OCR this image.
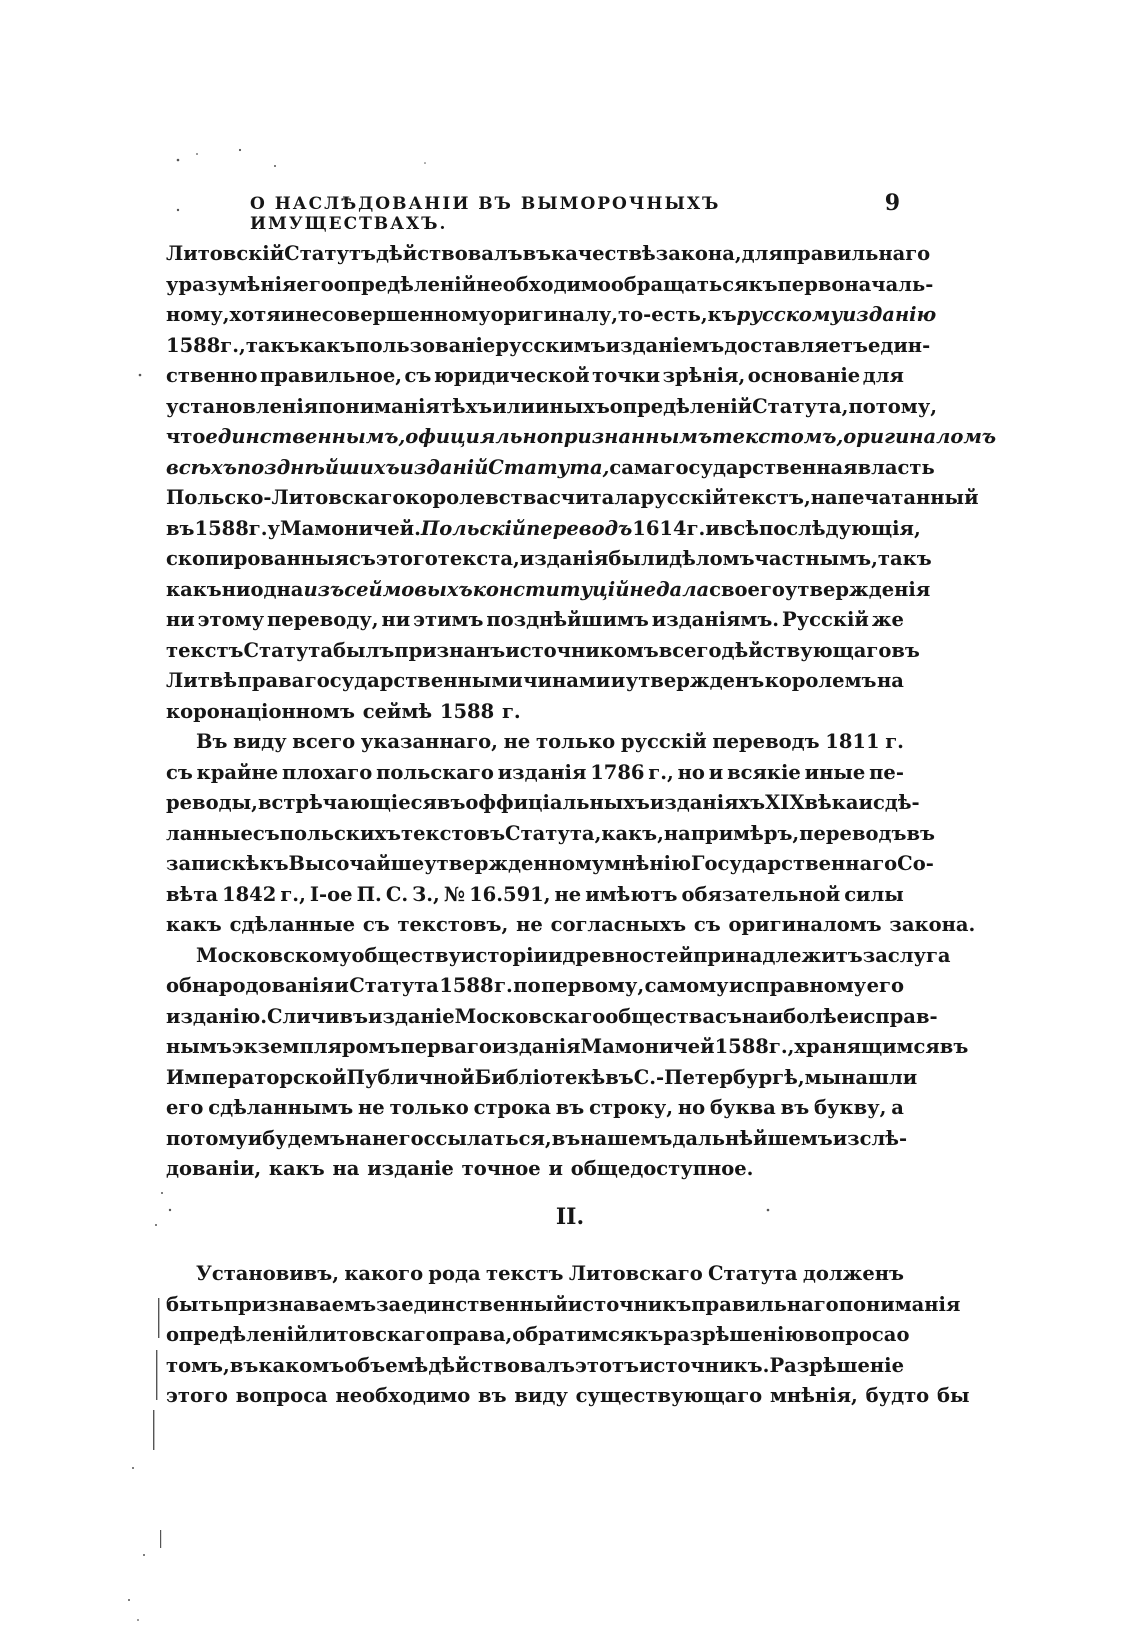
О НАСЛѢДОВАНІИ ВЪ ВЫМОРОЧНЫХЪ ИМУЩЕСТВАХЪ.
9
Литовскій Статутъ дѣйствовалъ въ качествѣ закона, для правильнаго
уразумѣнія его опредѣленій необходимо обращаться къ первоначаль-
ному, хотя и несовершенному оригиналу, то-есть, къ русскому изданію
1588 г., такъ какъ пользованіе русскимъ изданіемъ доставляетъ един-
ственно правильное, съ юридической точки зрѣнія, основаніе для
установленія пониманія тѣхъ или иныхъ опредѣленій Статута, потому,
что единственнымъ, официяльно признаннымъ текстомъ, оригиналомъ
всѣхъ позднѣйшихъ изданій Статута, сама государственная власть
Польско-Литовскаго королевства считала русскій текстъ, напечатанный
въ 1588 г. у Мамоничей. Польскій переводъ 1614 г. и всѣ послѣдующія,
скопированныя съ этого текста, изданія были дѣломъ частнымъ, такъ
какъ ни одна изъ сеймовыхъ конституцій не дала своего утвержденія
ни этому переводу, ни этимъ позднѣйшимъ изданіямъ. Русскій же
текстъ Статута былъ признанъ источникомъ всего дѣйствующаго въ
Литвѣ права государственными чинами и утвержденъ королемъ на
коронаціонномъ сеймѣ 1588 г.
Въ виду всего указаннаго, не только русскій переводъ 1811 г.
съ крайне плохаго польскаго изданія 1786 г., но и всякіе иные пе-
реводы, встрѣчающіеся въ оффиціальныхъ изданіяхъ XIX вѣка и сдѣ-
ланные съ польскихъ текстовъ Статута, какъ, напримѣръ, переводъ въ
запискѣ къ Высочайше утвержденному мнѣнію Государственнаго Со-
вѣта 1842 г., I-ое П. С. З., № 16.591, не имѣютъ обязательной силы
какъ сдѣланные съ текстовъ, не согласныхъ съ оригиналомъ закона.
Московскому обществу исторіи и древностей принадлежитъ заслуга
обнародованія и Статута 1588 г. по первому, самому исправному его
изданію. Сличивъ изданіе Московскаго общества съ наиболѣе исправ-
нымъ экземпляромъ перваго изданія Мамоничей 1588 г., хранящимся въ
Императорской Публичной Библіотекѣ въ С.-Петербургѣ, мы нашли
его сдѣланнымъ не только строка въ строку, но буква въ букву, а
потому и будемъ на него ссылаться, въ нашемъ дальнѣйшемъ изслѣ-
дованіи, какъ на изданіе точное и общедоступное.
II.
Установивъ, какого рода текстъ Литовскаго Статута долженъ
быть признаваемъ за единственный источникъ правильнаго пониманія
опредѣленій литовскаго права, обратимся къ разрѣшенію вопроса о
томъ, въ какомъ объемѣ дѣйствовалъ этотъ источникъ. Разрѣшеніе
этого вопроса необходимо въ виду существующаго мнѣнія, будто бы
